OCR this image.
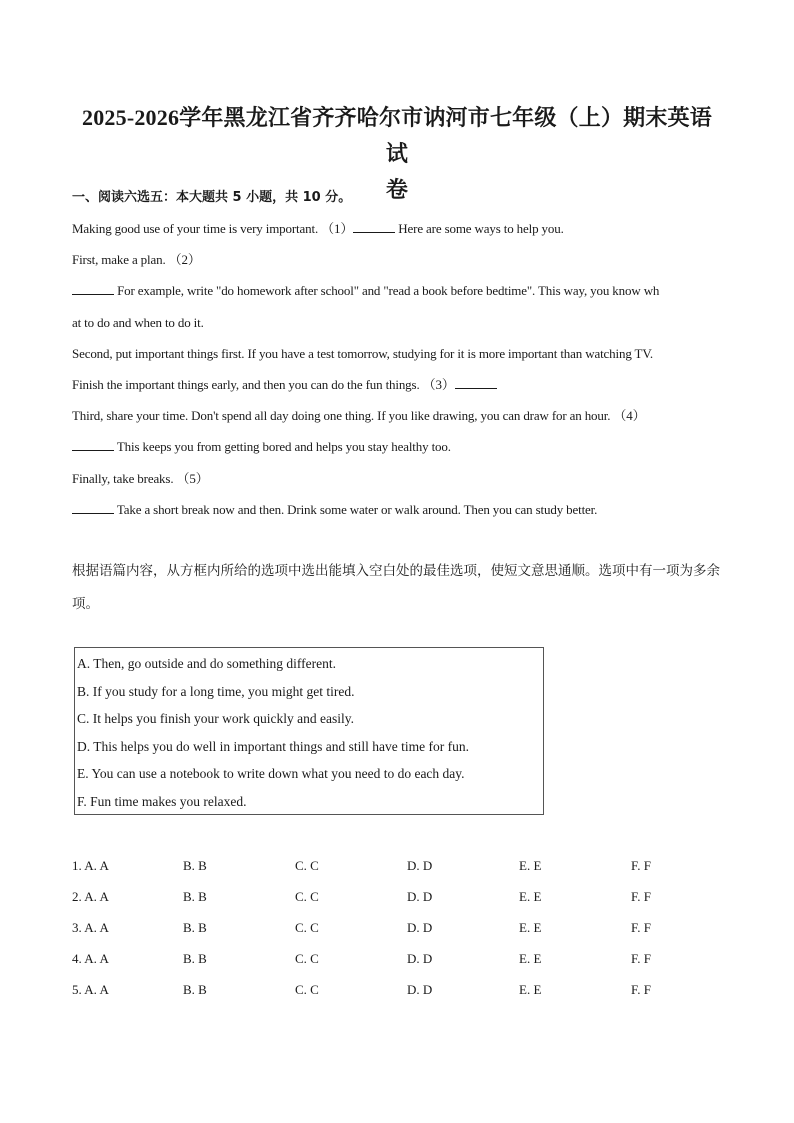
2025-2026学年黑龙江省齐齐哈尔市讷河市七年级（上）期末英语试
卷
一、阅读六选五：本大题共 5 小题，共 10 分。
Making good use of your time is very important. （1）	Here are some ways to help you.
First, make a plan. （2）
For example, write "do homework after school" and "read a book before bedtime". This way, you know wh
at to do and when to do it.
Second, put important things first. If you have a test tomorrow, studying for it is more important than watching TV.
Finish the important things early, and then you can do the fun things. （3）
Third, share your time. Don't spend all day doing one thing. If you like drawing, you can draw for an hour. （4）
This keeps you from getting bored and helps you stay healthy too.
Finally, take breaks. （5）
Take a short break now and then. Drink some water or walk around. Then you can study better.
根据语篇内容，从方框内所给的选项中选出能填入空白处的最佳选项，使短文意思通顺。选项中有一项为多余项。
A. Then, go outside and do something different.
B. If you study for a long time, you might get tired.
C. It helps you finish your work quickly and easily.
D. This helps you do well in important things and still have time for fun.
E. You can use a notebook to write down what you need to do each day.
F. Fun time makes you relaxed.
1. A. A	B. B	C. C	D. D	E. E	F. F
2. A. A	B. B	C. C	D. D	E. E	F. F
3. A. A	B. B	C. C	D. D	E. E	F. F
4. A. A	B. B	C. C	D. D	E. E	F. F
5. A. A	B. B	C. C	D. D	E. E	F. F
